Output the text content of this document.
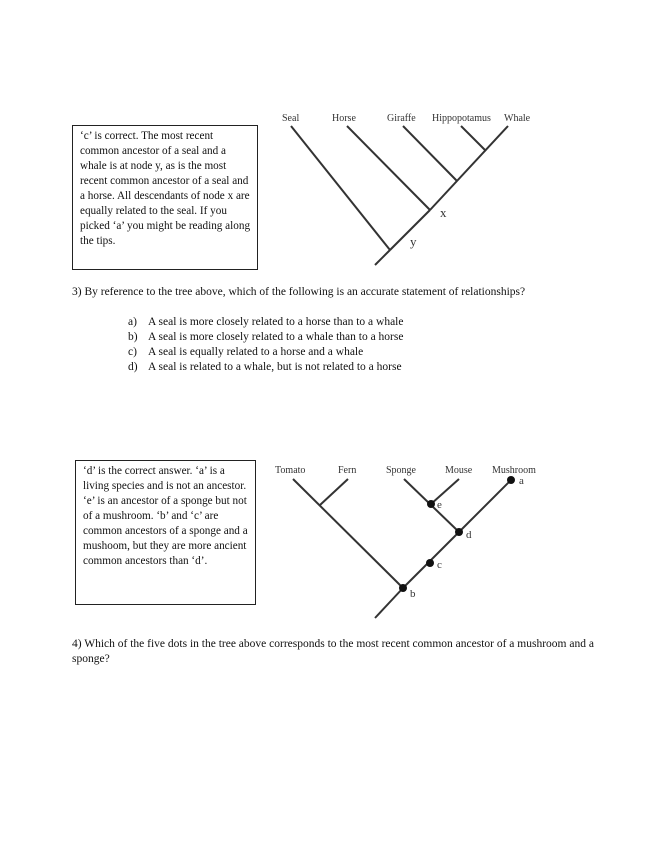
‘c’ is correct. The most recent common ancestor of a seal and a whale is at node y, as is the most recent common ancestor of a seal and a horse. All descendants of node x are equally related to the seal. If you picked ‘a’ you might be reading along the tips.

Seal	Horse	Giraffe Hippopotamus Whale
x
y
3) By reference to the tree above, which of the following is an accurate statement of relationships?
a) A seal is more closely related to a horse than to a whale
b) A seal is more closely related to a whale than to a horse
c) A seal is equally related to a horse and a whale
d) A seal is related to a whale, but is not related to a horse

‘d’ is the correct answer. ‘a’ is a living species and is not an ancestor. ‘e’ is an ancestor of a sponge but not of a mushroom. ‘b’ and ‘c’ are common ancestors of a sponge and a mushoom, but they are more ancient common ancestors than ‘d’.

Tomato	Fern	Sponge	Mouse Mushroom
a
e
d
c
b
4) Which of the five dots in the tree above corresponds to the most recent common ancestor of a mushroom and a sponge?
